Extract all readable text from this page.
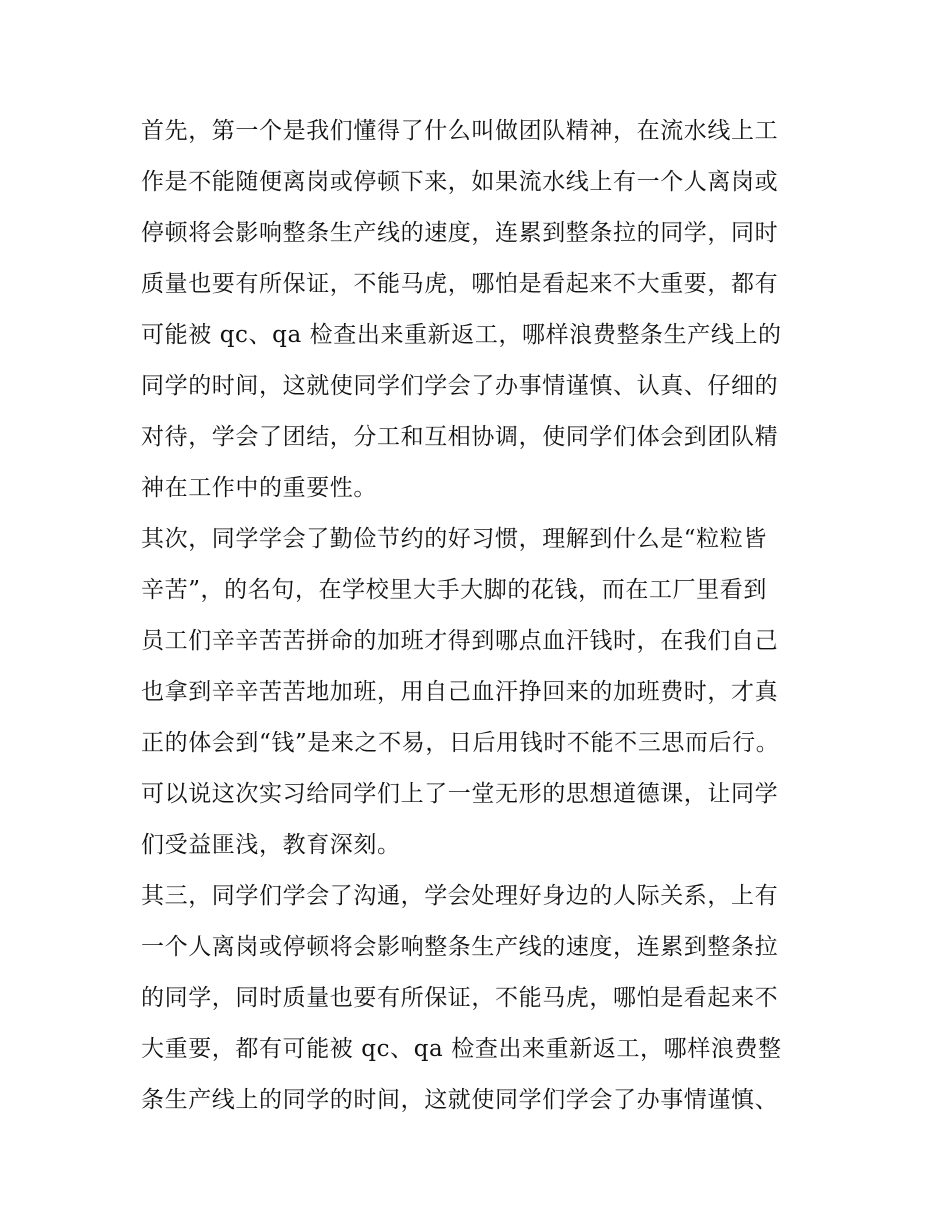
首先，第一个是我们懂得了什么叫做团队精神，在流水线上工
作是不能随便离岗或停顿下来，如果流水线上有一个人离岗或
停顿将会影响整条生产线的速度，连累到整条拉的同学，同时
质量也要有所保证，不能马虎，哪怕是看起来不大重要，都有
可能被 qc、qa 检查出来重新返工，哪样浪费整条生产线上的
同学的时间，这就使同学们学会了办事情谨慎、认真、仔细的
对待，学会了团结，分工和互相协调，使同学们体会到团队精
神在工作中的重要性。
其次，同学学会了勤俭节约的好习惯，理解到什么是“粒粒皆
辛苦”，的名句，在学校里大手大脚的花钱，而在工厂里看到
员工们辛辛苦苦拼命的加班才得到哪点血汗钱时，在我们自己
也拿到辛辛苦苦地加班，用自己血汗挣回来的加班费时，才真
正的体会到“钱”是来之不易，日后用钱时不能不三思而后行。
可以说这次实习给同学们上了一堂无形的思想道德课，让同学
们受益匪浅，教育深刻。
其三，同学们学会了沟通，学会处理好身边的人际关系，上有
一个人离岗或停顿将会影响整条生产线的速度，连累到整条拉
的同学，同时质量也要有所保证，不能马虎，哪怕是看起来不
大重要，都有可能被 qc、qa 检查出来重新返工，哪样浪费整
条生产线上的同学的时间，这就使同学们学会了办事情谨慎、
